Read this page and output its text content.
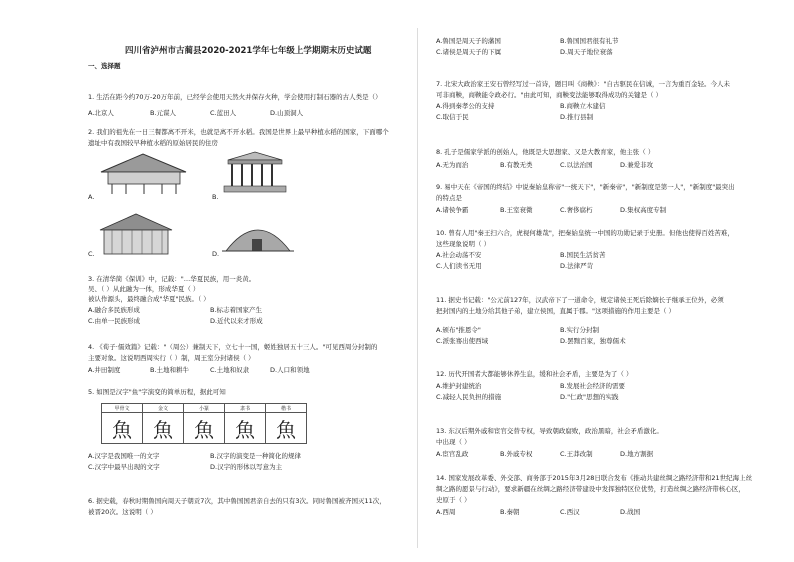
四川省泸州市古蔺县2020-2021学年七年级上学期期末历史试题
一、选择题
1. 生活在距今约70万-20万年前，已经学会使用天然火并保存火种，学会使用打制石器的古人类是（）
A.北京人	B.元谋人	C.蓝田人	D.山顶洞人
2. 我们的祖先在一日三餐都离不开米，也就是离不开水稻。我国是世界上最早种植水稻的国家，下面哪个
遗址中有我国较早种植水稻的原始居民的住房
A.	B.
C.	D.
3. 在清华简《保训》中，记载："…华夏民族，用一炎黄。
吴、（ ）从此融为一体，形成华夏（ ）
被认作源头，最终融合成"华夏"民族。（ ）
A.融合多民族形成	B.标志着国家产生
C.由单一民族形成	D.近代以来才形成
4. 《荀子·儒效篇》记载："（周公）兼制天下，立七十一国，姬姓独居五十三人。"可见西周分封制的
主要对象。这说明西周实行（ ）制，周王室分封诸侯（ ）
A.井田制度	B.土地和耕牛	C.土地和奴隶	D.人口和领地
5. 如图是汉字"鱼"字演变的简单历程，据此可知
甲骨文	金文	小篆	隶书	楷书
魚	魚	魚	魚	魚
A.汉字是我国唯一的文字	B.汉字的演变是一种简化的规律
C.汉字中最早出现的文字	D.汉字的形体以写意为主
6. 据史载，春秋时期鲁国向周天子朝贡7次，其中鲁国国君亲自去的只有3次。同时鲁国被齐国灭11次，
被晋20次。这说明（ ）
A.鲁国是周天子的藩国	B.鲁国国君很有礼节
C.诸侯是周天子的下属	D.周天子地位衰落
7. 北宋大政治家王安石曾经写过一首诗，题目叫《商鞅》："自古驱民在信诚，一言为重百金轻。今人未
可非商鞅，商鞅能令政必行。"由此可知，商鞅变法能够取得成功的关键是（ ）
A.得到秦孝公的支持	B.商鞅立木建信
C.取信于民	D.推行县制
8. 孔子是儒家学派的创始人，他既是大思想家、又是大教育家，他主张（ ）
A.无为而治	B.有教无类	C.以法治国	D.兼爱非攻
9. 易中天在《帝国的终结》中说秦始皇称帝"一统天下"，"新秦帝"，"新制度是第一人"，"新制度"最突出
的特点是
A.诸侯争霸	B.王室衰微	C.奢侈腐朽	D.集权高度专制
10. 曾有人用"秦王扫六合，虎视何雄哉"，把秦始皇统一中国的功勋记录于史册。但他也使得百姓苦难，
这些现象说明（ ）
A.社会动荡不安	B.国民生活贫苦
C.人们读书无用	D.法律严苛
11. 据史书记载："公元前127年，汉武帝下了一道命令，规定诸侯王死后除嫡长子继承王位外，必须
把封国内的土地分给其他子弟，建立侯国，直属于郡。"这项措施的作用主要是（ ）
A.颁布"推恩令"	B.实行分封制
C.派张骞出使西域	D.罢黜百家，独尊儒术
12. 历代开国者大都能够休养生息，缓和社会矛盾，主要是为了（ ）
A.维护封建统治	B.发展社会经济的需要
C.减轻人民负担的措施	D."仁政"思想的实践
13. 东汉后期外戚和宦官交替专权，导致朝政腐败，政治黑暗，社会矛盾激化。
中出现（ ）
A.宦官乱政	B.外戚专权	C.王莽改制	D.地方割据
14. 国家发展改革委、外交部、商务部于2015年3月28日联合发布《推动共建丝绸之路经济带和21世纪海上丝
绸之路的愿景与行动》，要求新疆在丝绸之路经济带建设中发挥独特区位优势，打造丝绸之路经济带核心区，
史原于（ ）
A.西周	B.秦朝	C.西汉	D.战国
